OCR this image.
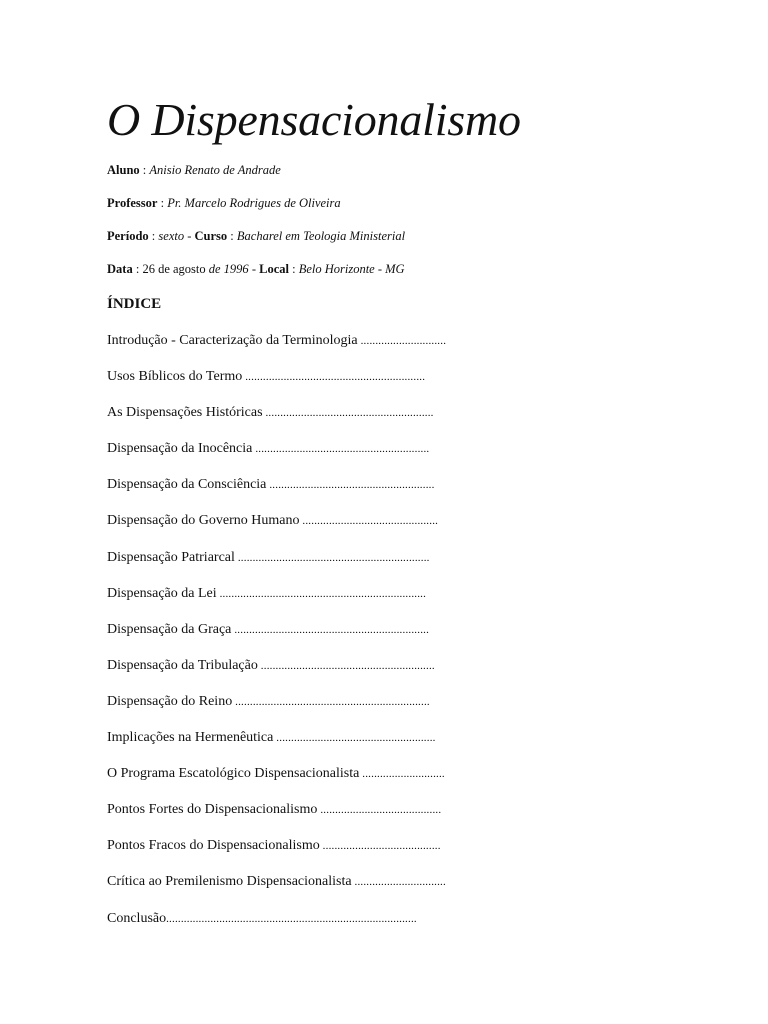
O Dispensacionalismo
Aluno : Anisio Renato de Andrade
Professor : Pr. Marcelo Rodrigues de Oliveira
Período : sexto - Curso : Bacharel em Teologia Ministerial
Data : 26 de agosto de 1996 - Local : Belo Horizonte - MG
ÍNDICE
Introdução - Caracterização da Terminologia .............................
Usos Bíblicos do Termo .............................................................
As Dispensações Históricas .........................................................
Dispensação da Inocência ...........................................................
Dispensação da Consciência ........................................................
Dispensação do Governo Humano ..............................................
Dispensação Patriarcal .................................................................
Dispensação da Lei ......................................................................
Dispensação da Graça ..................................................................
Dispensação da Tribulação ...........................................................
Dispensação do Reino ..................................................................
Implicações na Hermenêutica ......................................................
O Programa Escatológico Dispensacionalista ............................
Pontos Fortes do Dispensacionalismo .........................................
Pontos Fracos do Dispensacionalismo ........................................
Crítica ao Premilenismo Dispensacionalista ...............................
Conclusão.....................................................................................
